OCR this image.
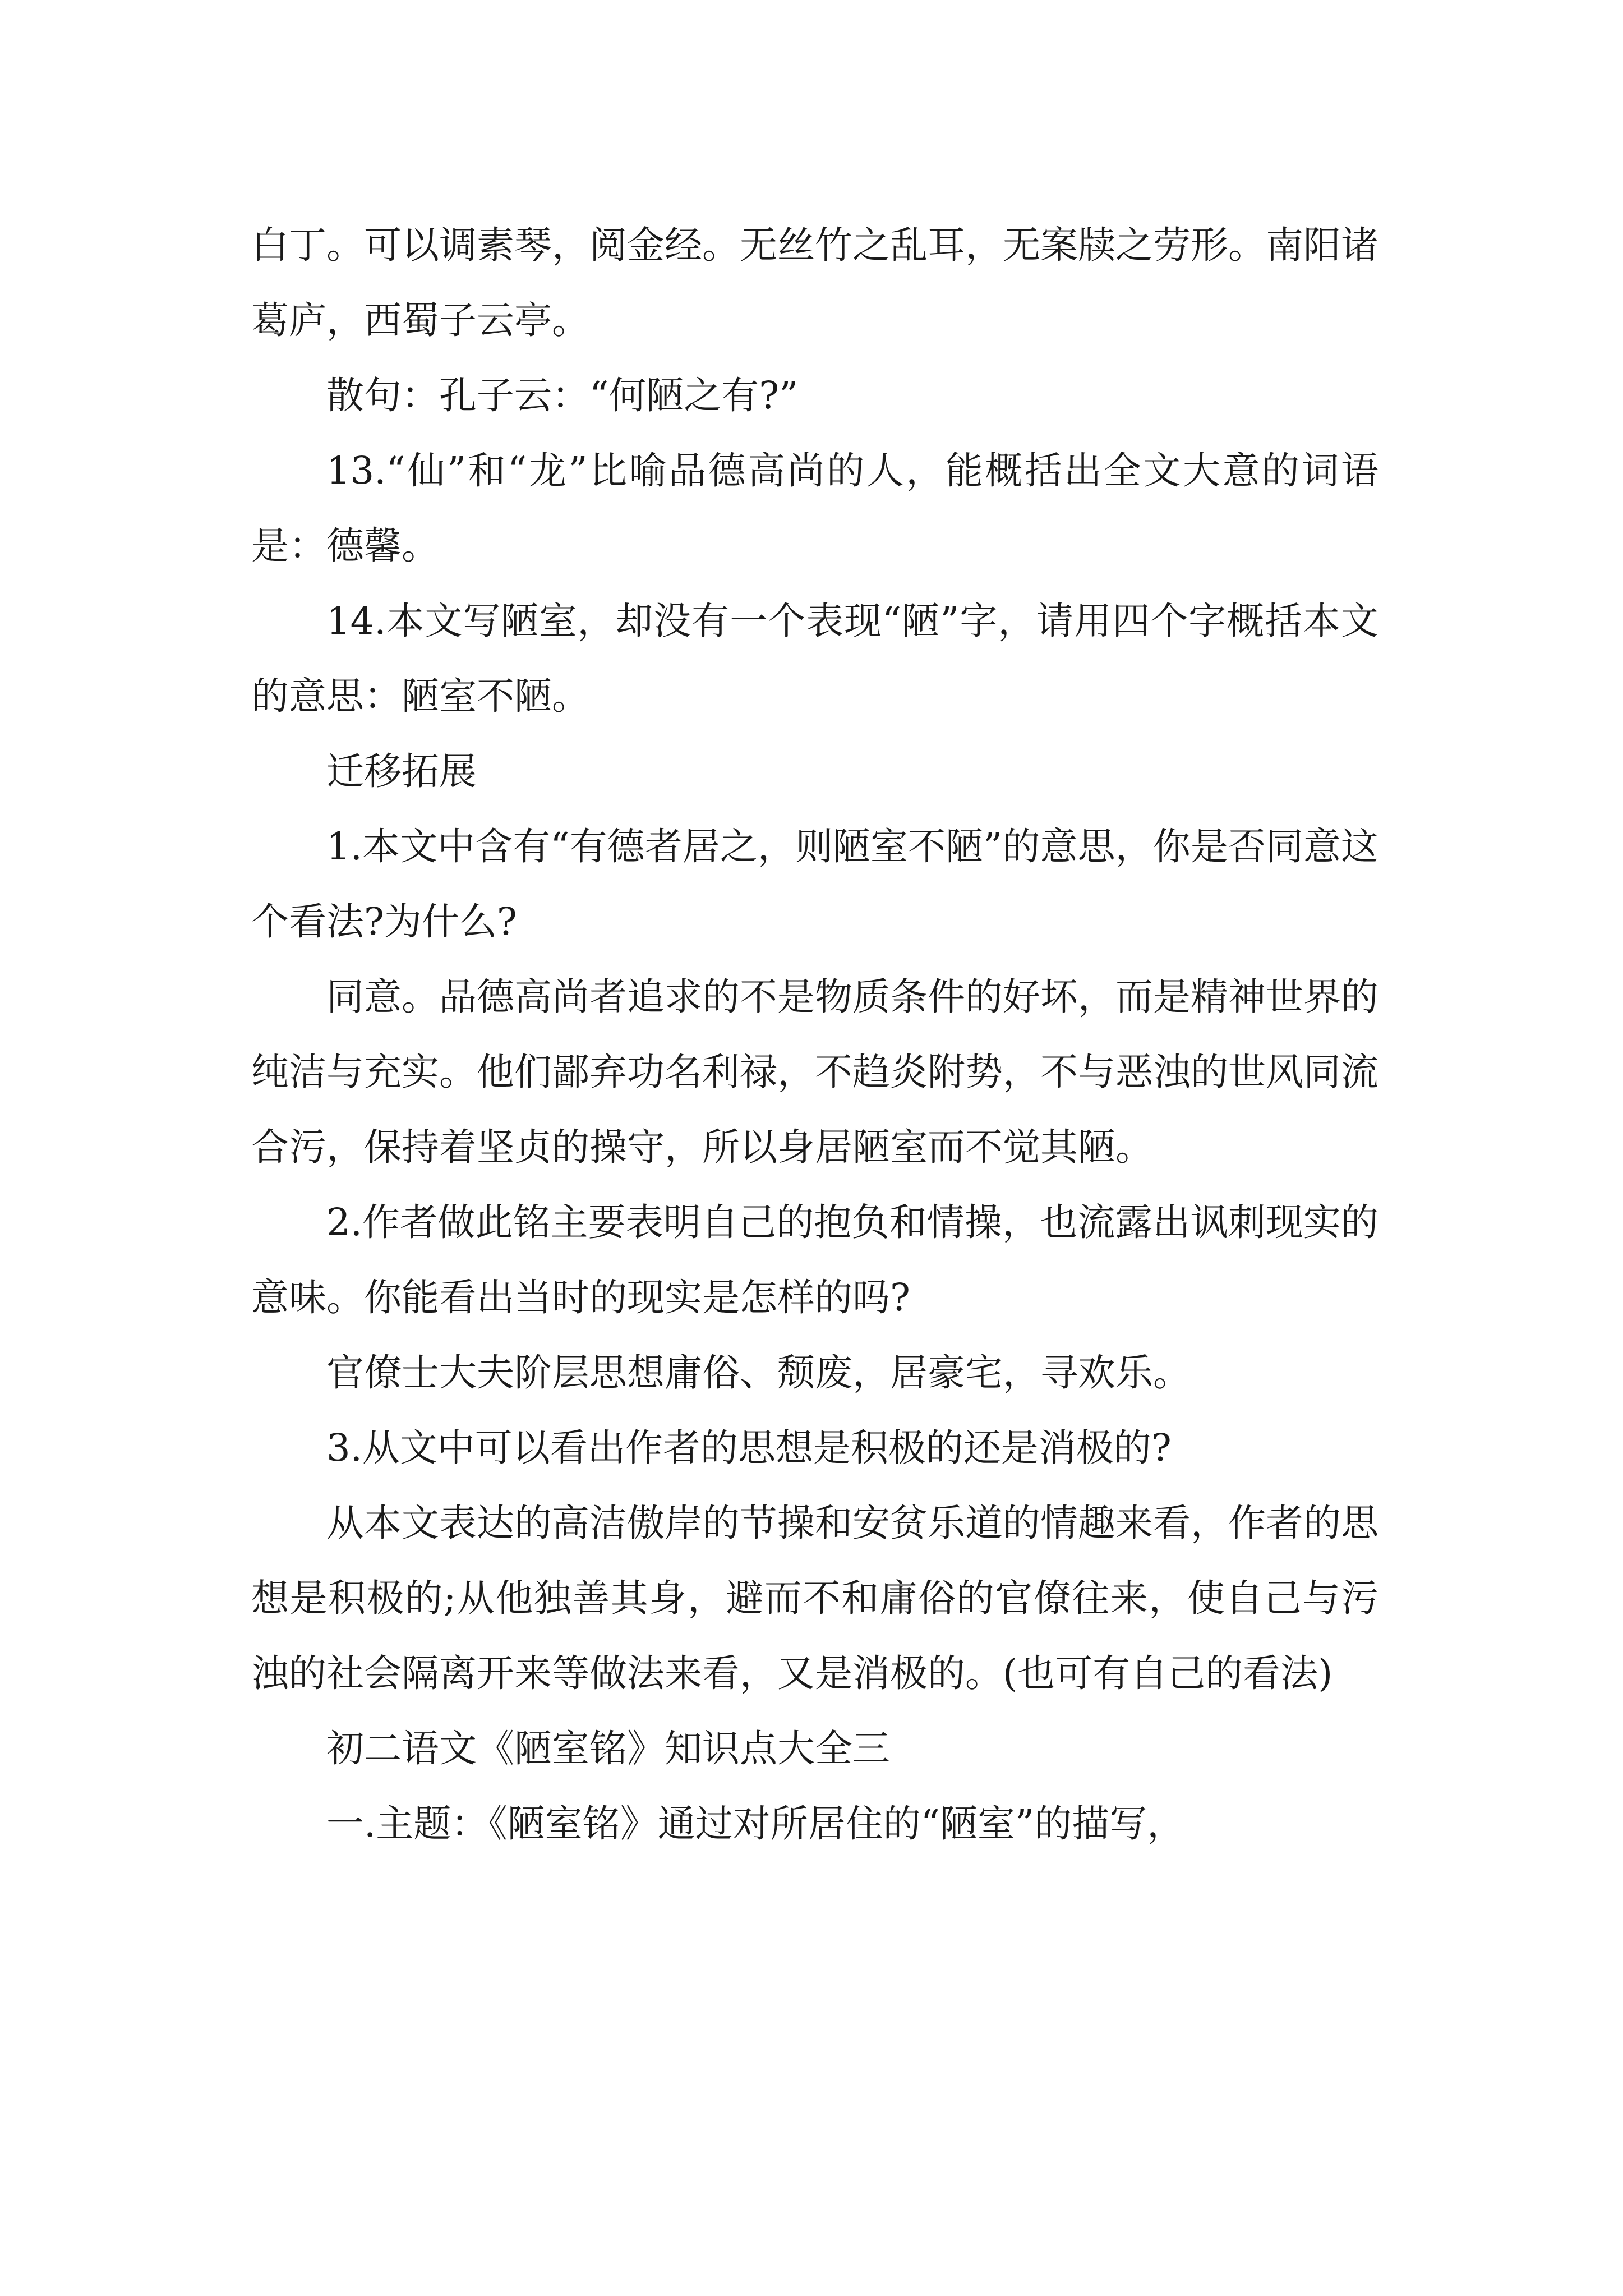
白丁。可以调素琴，阅金经。无丝竹之乱耳，无案牍之劳形。南阳诸葛庐，西蜀子云亭。

散句：孔子云：“何陋之有?”

13.“仙”和“龙”比喻品德高尚的人，能概括出全文大意的词语是：德馨。

14.本文写陋室，却没有一个表现“陋”字，请用四个字概括本文的意思：陋室不陋。

迁移拓展

1.本文中含有“有德者居之，则陋室不陋”的意思，你是否同意这个看法?为什么?

同意。品德高尚者追求的不是物质条件的好坏，而是精神世界的纯洁与充实。他们鄙弃功名利禄，不趋炎附势，不与恶浊的世风同流合污，保持着坚贞的操守，所以身居陋室而不觉其陋。

2.作者做此铭主要表明自己的抱负和情操，也流露出讽刺现实的意味。你能看出当时的现实是怎样的吗?

官僚士大夫阶层思想庸俗、颓废，居豪宅，寻欢乐。

3.从文中可以看出作者的思想是积极的还是消极的?

从本文表达的高洁傲岸的节操和安贫乐道的情趣来看，作者的思想是积极的;从他独善其身，避而不和庸俗的官僚往来，使自己与污浊的社会隔离开来等做法来看，又是消极的。(也可有自己的看法)

初二语文《陋室铭》知识点大全三

一.主题：《陋室铭》通过对所居住的“陋室”的描写，
